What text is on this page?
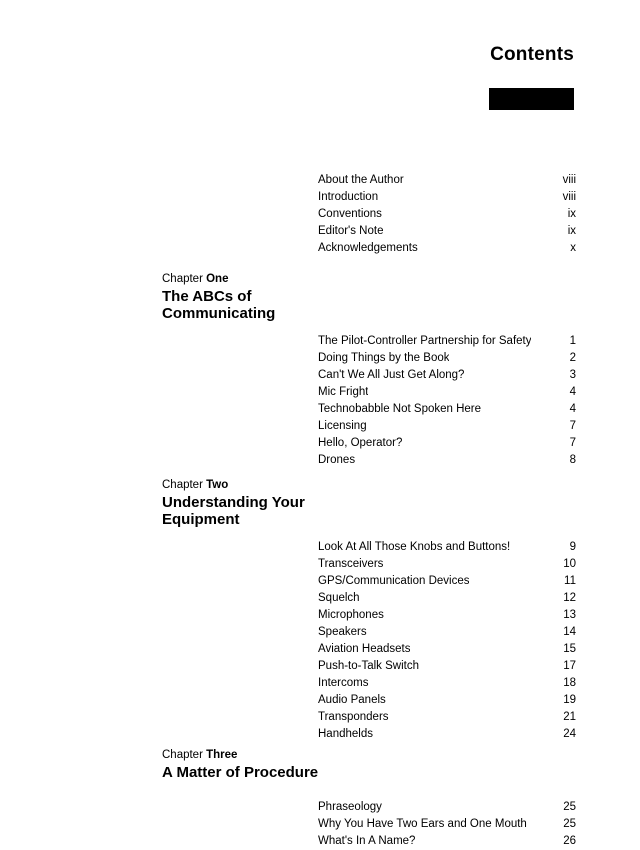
Contents
About the Author	viii
Introduction	viii
Conventions	ix
Editor's Note	ix
Acknowledgements	x
Chapter One
The ABCs of Communicating
The Pilot-Controller Partnership for Safety	1
Doing Things by the Book	2
Can't We All Just Get Along?	3
Mic Fright	4
Technobabble Not Spoken Here	4
Licensing	7
Hello, Operator?	7
Drones	8
Chapter Two
Understanding Your Equipment
Look At All Those Knobs and Buttons!	9
Transceivers	10
GPS/Communication Devices	11
Squelch	12
Microphones	13
Speakers	14
Aviation Headsets	15
Push-to-Talk Switch	17
Intercoms	18
Audio Panels	19
Transponders	21
Handhelds	24
Chapter Three
A Matter of Procedure
Phraseology	25
Why You Have Two Ears and One Mouth	25
What's In A Name?	26
